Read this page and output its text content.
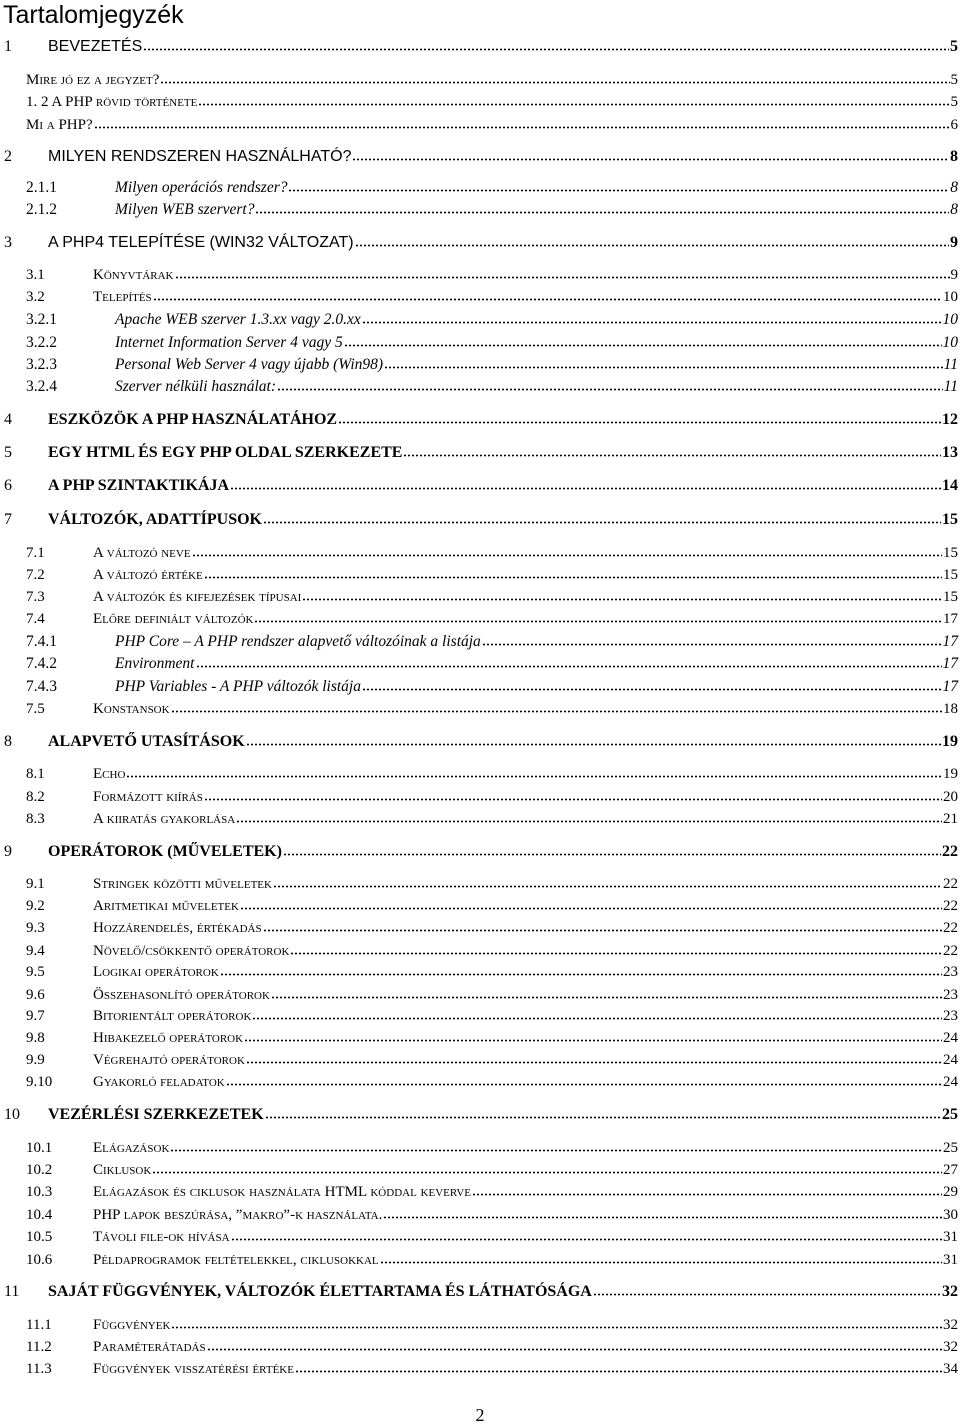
Tartalomjegyzék
1	BEVEZETÉS	5
Mire jó ez a jegyzet?	5
1. 2 A PHP rövid története	5
Mi a PHP?	6
2	MILYEN RENDSZEREN HASZNÁLHATÓ?	8
2.1.1	Milyen operációs rendszer?	8
2.1.2	Milyen WEB szervert?	8
3	A PHP4 TELEPÍTÉSE (WIN32 VÁLTOZAT)	9
3.1	Könyvtárak	9
3.2	Telepítés	10
3.2.1	Apache WEB szerver 1.3.xx vagy 2.0.xx	10
3.2.2	Internet Information Server 4 vagy 5	10
3.2.3	Personal Web Server 4 vagy újabb (Win98)	11
3.2.4	Szerver nélküli használat:	11
4	ESZKÖZÖK A PHP HASZNÁLATÁHOZ	12
5	EGY HTML ÉS EGY PHP OLDAL SZERKEZETE	13
6	A PHP SZINTAKTIKÁJA	14
7	VÁLTOZÓK, ADATTÍPUSOK	15
7.1	A változó neve	15
7.2	A változó értéke	15
7.3	A változók és kifejezések típusai	15
7.4	Előre definiált változók	17
7.4.1	PHP Core – A PHP rendszer alapvető változóinak a listája	17
7.4.2	Environment	17
7.4.3	PHP Variables - A PHP változók listája	17
7.5	Konstansok	18
8	ALAPVETŐ UTASÍTÁSOK	19
8.1	Echo	19
8.2	Formázott kiírás	20
8.3	A kiiratás gyakorlása	21
9	OPERÁTOROK (MŰVELETEK)	22
9.1	Stringek közötti műveletek	22
9.2	Aritmetikai műveletek	22
9.3	Hozzárendelés, értékadás	22
9.4	Növelő/csökkentő operátorok	22
9.5	Logikai operátorok	23
9.6	Összehasonlító operátorok	23
9.7	Bitorientált operátorok	23
9.8	Hibakezelő operátorok	24
9.9	Végrehajtó operátorok	24
9.10	Gyakorló feladatok	24
10	VEZÉRLÉSI SZERKEZETEK	25
10.1	Elágazások	25
10.2	Ciklusok	27
10.3	Elágazások és ciklusok használata HTML kóddal keverve	29
10.4	PHP lapok beszúrása, ”makro”-k használata.	30
10.5	Távoli file-ok hívása	31
10.6	Példaprogramok feltételekkel, ciklusokkal	31
11	SAJÁT FÜGGVÉNYEK, VÁLTOZÓK ÉLETTARTAMA ÉS LÁTHATÓSÁGA	32
11.1	Függvények	32
11.2	Paraméterátadás	32
11.3	Függvények visszatérési értéke	34
2
